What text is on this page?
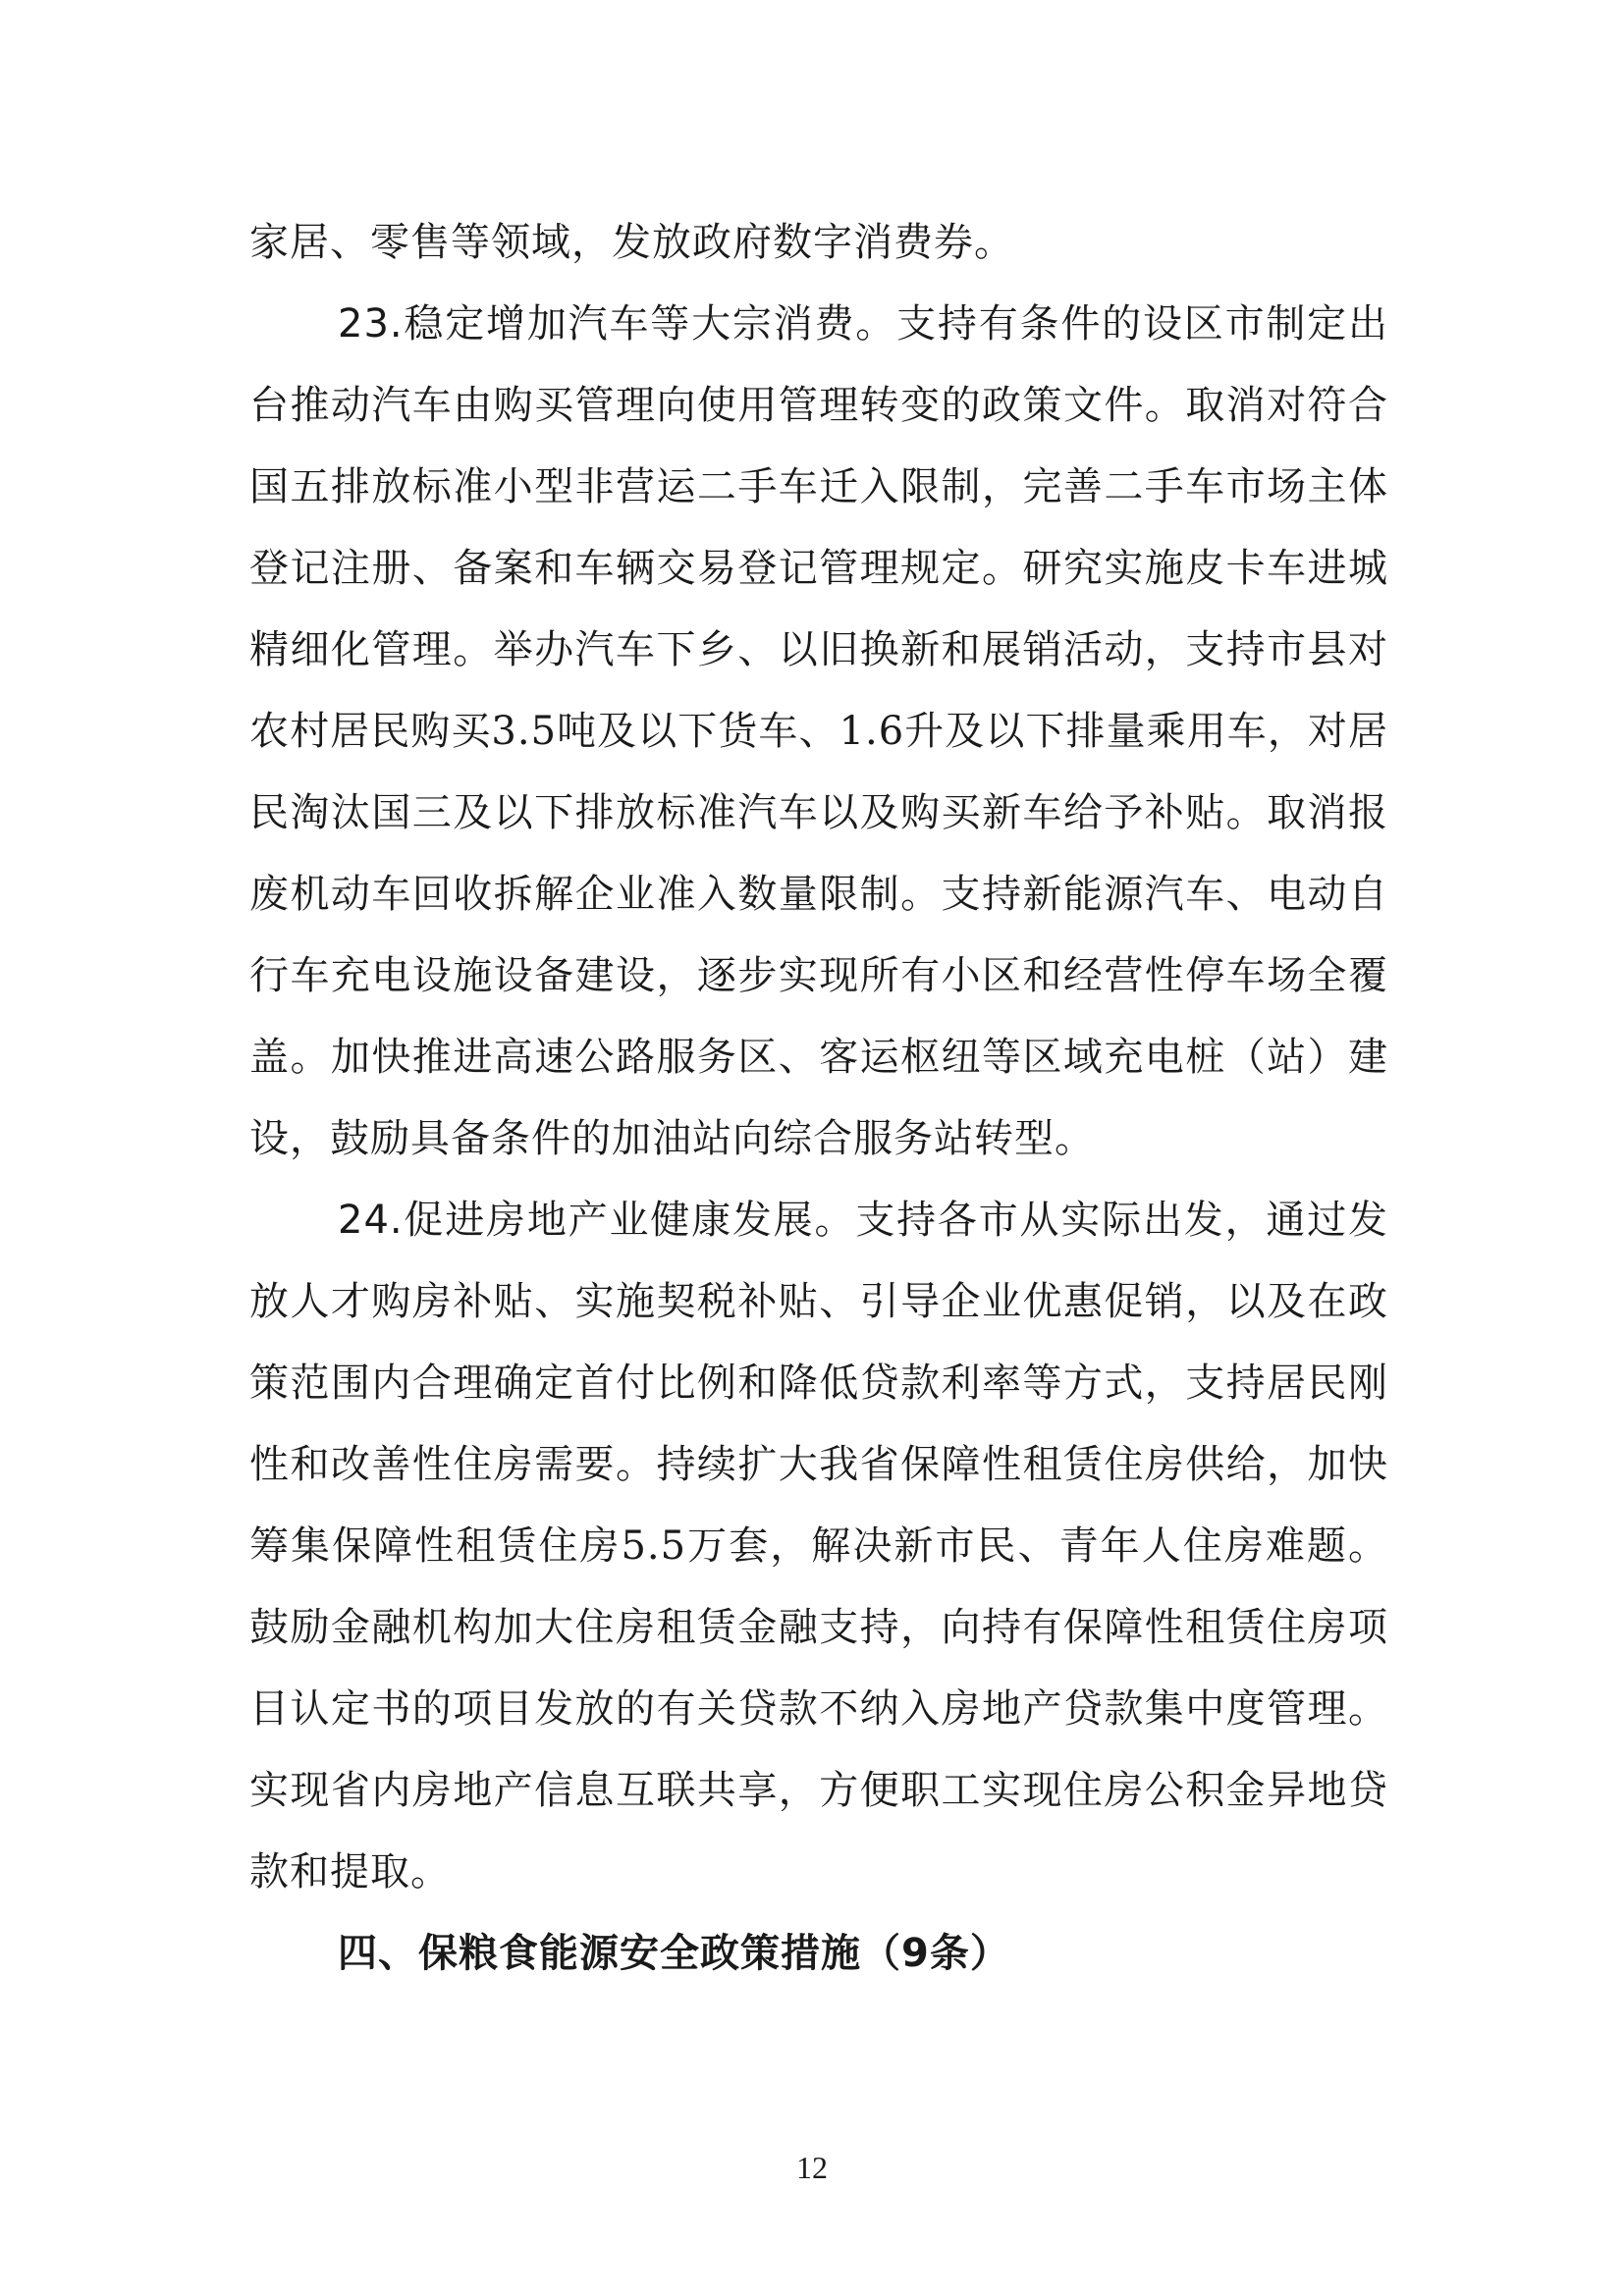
家居、零售等领域，发放政府数字消费券。

23.稳定增加汽车等大宗消费。支持有条件的设区市制定出台推动汽车由购买管理向使用管理转变的政策文件。取消对符合国五排放标准小型非营运二手车迁入限制，完善二手车市场主体登记注册、备案和车辆交易登记管理规定。研究实施皮卡车进城精细化管理。举办汽车下乡、以旧换新和展销活动，支持市县对农村居民购买3.5吨及以下货车、1.6升及以下排量乘用车，对居民淘汰国三及以下排放标准汽车以及购买新车给予补贴。取消报废机动车回收拆解企业准入数量限制。支持新能源汽车、电动自行车充电设施设备建设，逐步实现所有小区和经营性停车场全覆盖。加快推进高速公路服务区、客运枢纽等区域充电桩（站）建设，鼓励具备条件的加油站向综合服务站转型。

24.促进房地产业健康发展。支持各市从实际出发，通过发放人才购房补贴、实施契税补贴、引导企业优惠促销，以及在政策范围内合理确定首付比例和降低贷款利率等方式，支持居民刚性和改善性住房需要。持续扩大我省保障性租赁住房供给，加快筹集保障性租赁住房5.5万套，解决新市民、青年人住房难题。鼓励金融机构加大住房租赁金融支持，向持有保障性租赁住房项目认定书的项目发放的有关贷款不纳入房地产贷款集中度管理。实现省内房地产信息互联共享，方便职工实现住房公积金异地贷款和提取。

四、保粮食能源安全政策措施（9条）

12
